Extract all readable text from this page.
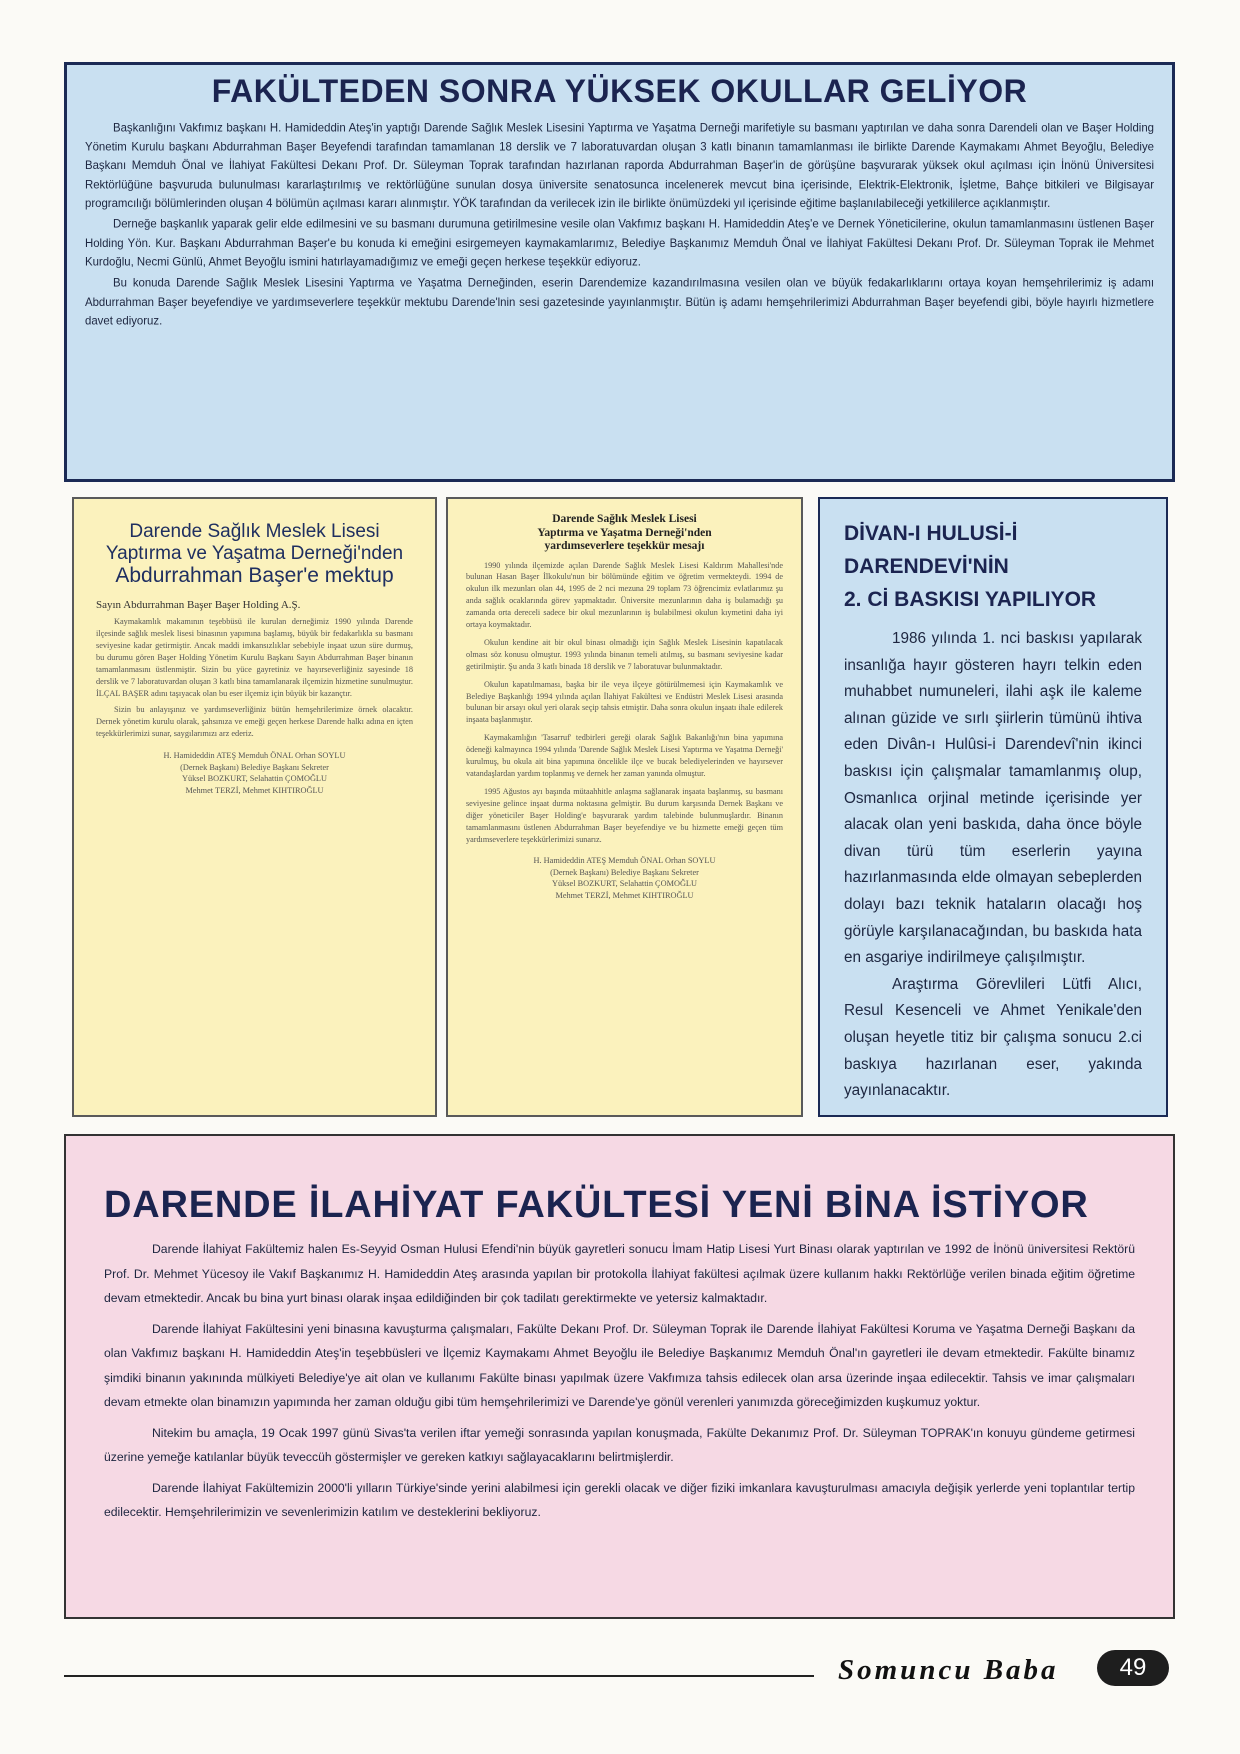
FAKÜLTEDEN SONRA YÜKSEK OKULLAR GELİYOR

Başkanlığını Vakfımız başkanı H. Hamideddin Ateş'in yaptığı Darende Sağlık Meslek Lisesini Yaptırma ve Yaşatma Derneği marifetiyle su basmanı yaptırılan ve daha sonra Darendeli olan ve Başer Holding Yönetim Kurulu başkanı Abdurrahman Başer Beyefendi tarafından tamamlanan 18 derslik ve 7 laboratuvardan oluşan 3 katlı binanın tamamlanması ile birlikte Darende Kaymakamı Ahmet Beyoğlu, Belediye Başkanı Memduh Önal ve İlahiyat Fakültesi Dekanı Prof. Dr. Süleyman Toprak tarafından hazırlanan raporda Abdurrahman Başer'in de görüşüne başvurarak yüksek okul açılması için İnönü Üniversitesi Rektörlüğüne başvuruda bulunulması kararlaştırılmış ve rektörlüğüne sunulan dosya üniversite senatosunca incelenerek mevcut bina içerisinde, Elektrik-Elektronik, İşletme, Bahçe bitkileri ve Bilgisayar programcılığı bölümlerinden oluşan 4 bölümün açılması kararı alınmıştır. YÖK tarafından da verilecek izin ile birlikte önümüzdeki yıl içerisinde eğitime başlanılabileceği yetkililerce açıklanmıştır.

Derneğe başkanlık yaparak gelir elde edilmesini ve su basmanı durumuna getirilmesine vesile olan Vakfımız başkanı H. Hamideddin Ateş'e ve Dernek Yöneticilerine, okulun tamamlanmasını üstlenen Başer Holding Yön. Kur. Başkanı Abdurrahman Başer'e bu konuda ki emeğini esirgemeyen kaymakamlarımız, Belediye Başkanımız Memduh Önal ve İlahiyat Fakültesi Dekanı Prof. Dr. Süleyman Toprak ile Mehmet Kurdoğlu, Necmi Günlü, Ahmet Beyoğlu ismini hatırlayamadığımız ve emeği geçen herkese teşekkür ediyoruz.

Bu konuda Darende Sağlık Meslek Lisesini Yaptırma ve Yaşatma Derneğinden, eserin Darendemize kazandırılmasına vesilen olan ve büyük fedakarlıklarını ortaya koyan hemşehrilerimiz iş adamı Abdurrahman Başer beyefendiye ve yardımseverlere teşekkür mektubu Darende'lnin sesi gazetesinde yayınlanmıştır. Bütün iş adamı hemşehrilerimizi Abdurrahman Başer beyefendi gibi, böyle hayırlı hizmetlere davet ediyoruz.

Darende Sağlık Meslek Lisesi
Yaptırma ve Yaşatma Derneği'nden
Abdurrahman Başer'e mektup
Sayın Abdurrahman Başer Başer Holding A.Ş.

Kaymakamlık makamının teşebbüsü ile kurulan derneğimiz 1990 yılında Darende ilçesinde sağlık meslek lisesi binasının yapımına başlamış, büyük bir fedakarlıkla su basmanı seviyesine kadar getirmiştir. Ancak maddi imkansızlıklar sebebiyle inşaat uzun süre durmuş, bu durumu gören Başer Holding Yönetim Kurulu Başkanı Sayın Abdurrahman Başer binanın tamamlanmasını üstlenmiştir. Sizin bu yüce gayretiniz ve hayırseverliğiniz sayesinde 18 derslik ve 7 laboratuvardan oluşan 3 katlı bina tamamlanarak ilçemizin hizmetine sunulmuştur. İLÇAL BAŞER adını taşıyacak olan bu eser ilçemiz için büyük bir kazançtır.

Sizin bu anlayışınız ve yardımseverliğiniz bütün hemşehrilerimize örnek olacaktır. Dernek yönetim kurulu olarak, şahsınıza ve emeği geçen herkese Darende halkı adına en içten teşekkürlerimizi sunar, saygılarımızı arz ederiz.

H. Hamideddin ATEŞ Memduh ÖNAL Orhan SOYLU
(Dernek Başkanı) Belediye Başkanı Sekreter
Yüksel BOZKURT, Selahattin ÇOMOĞLU
Mehmet TERZİ, Mehmet KIHTIROĞLU
Darende Sağlık Meslek Lisesi
Yaptırma ve Yaşatma Derneği'nden
yardımseverlere teşekkür mesajı

1990 yılında ilçemizde açılan Darende Sağlık Meslek Lisesi Kaldırım Mahallesi'nde bulunan Hasan Başer İlkokulu'nun bir bölümünde eğitim ve öğretim vermekteydi. 1994 de okulun ilk mezunları olan 44, 1995 de 2 nci mezuna 29 toplam 73 öğrencimiz evlatlarımız şu anda sağlık ocaklarında görev yapmaktadır. Üniversite mezunlarının daha iş bulamadığı şu zamanda orta dereceli sadece bir okul mezunlarının iş bulabilmesi okulun kıymetini daha iyi ortaya koymaktadır.

Okulun kendine ait bir okul binası olmadığı için Sağlık Meslek Lisesinin kapatılacak olması söz konusu olmuştur. 1993 yılında binanın temeli atılmış, su basmanı seviyesine kadar getirilmiştir. Şu anda 3 katlı binada 18 derslik ve 7 laboratuvar bulunmaktadır.

Okulun kapatılmaması, başka bir ile veya ilçeye götürülmemesi için Kaymakamlık ve Belediye Başkanlığı 1994 yılında açılan İlahiyat Fakültesi ve Endüstri Meslek Lisesi arasında bulunan bir arsayı okul yeri olarak seçip tahsis etmiştir. Daha sonra okulun inşaatı ihale edilerek inşaata başlanmıştır.

Kaymakamlığın 'Tasarruf' tedbirleri gereği olarak Sağlık Bakanlığı'nın bina yapımına ödeneği kalmayınca 1994 yılında 'Darende Sağlık Meslek Lisesi Yaptırma ve Yaşatma Derneği' kurulmuş, bu okula ait bina yapımına öncelikle ilçe ve bucak belediyelerinden ve hayırsever vatandaşlardan yardım toplanmış ve dernek her zaman yanında olmuştur.

1995 Ağustos ayı başında mütaahhitle anlaşma sağlanarak inşaata başlanmış, su basmanı seviyesine gelince inşaat durma noktasına gelmiştir. Bu durum karşısında Dernek Başkanı ve diğer yöneticiler Başer Holding'e başvurarak yardım talebinde bulunmuşlardır. Binanın tamamlanmasını üstlenen Abdurrahman Başer beyefendiye ve bu hizmette emeği geçen tüm yardımseverlere teşekkürlerimizi sunarız.

H. Hamideddin ATEŞ Memduh ÖNAL Orhan SOYLU
(Dernek Başkanı) Belediye Başkanı Sekreter
Yüksel BOZKURT, Selahattin ÇOMOĞLU
Mehmet TERZİ, Mehmet KIHTIROĞLU
DİVAN-I HULUSİ-İ
DARENDEVİ'NİN
2. Cİ BASKISI YAPILIYOR

1986 yılında 1. nci baskısı yapılarak insanlığa hayır gösteren hayrı telkin eden muhabbet numuneleri, ilahi aşk ile kaleme alınan güzide ve sırlı şiirlerin tümünü ihtiva eden Divân-ı Hulûsi-i Darendevî'nin ikinci baskısı için çalışmalar tamamlanmış olup, Osmanlıca orjinal metinde içerisinde yer alacak olan yeni baskıda, daha önce böyle divan türü tüm eserlerin yayına hazırlanmasında elde olmayan sebeplerden dolayı bazı teknik hataların olacağı hoş görüyle karşılanacağından, bu baskıda hata en asgariye indirilmeye çalışılmıştır.

Araştırma Görevlileri Lütfi Alıcı, Resul Kesenceli ve Ahmet Yenikale'den oluşan heyetle titiz bir çalışma sonucu 2.ci baskıya hazırlanan eser, yakında yayınlanacaktır.

DARENDE İLAHİYAT FAKÜLTESİ YENİ BİNA İSTİYOR

Darende İlahiyat Fakültemiz halen Es-Seyyid Osman Hulusi Efendi'nin büyük gayretleri sonucu İmam Hatip Lisesi Yurt Binası olarak yaptırılan ve 1992 de İnönü üniversitesi Rektörü Prof. Dr. Mehmet Yücesoy ile Vakıf Başkanımız H. Hamideddin Ateş arasında yapılan bir protokolla İlahiyat fakültesi açılmak üzere kullanım hakkı Rektörlüğe verilen binada eğitim öğretime devam etmektedir. Ancak bu bina yurt binası olarak inşaa edildiğinden bir çok tadilatı gerektirmekte ve yetersiz kalmaktadır.

Darende İlahiyat Fakültesini yeni binasına kavuşturma çalışmaları, Fakülte Dekanı Prof. Dr. Süleyman Toprak ile Darende İlahiyat Fakültesi Koruma ve Yaşatma Derneği Başkanı da olan Vakfımız başkanı H. Hamideddin Ateş'in teşebbüsleri ve İlçemiz Kaymakamı Ahmet Beyoğlu ile Belediye Başkanımız Memduh Önal'ın gayretleri ile devam etmektedir. Fakülte binamız şimdiki binanın yakınında mülkiyeti Belediye'ye ait olan ve kullanımı Fakülte binası yapılmak üzere Vakfımıza tahsis edilecek olan arsa üzerinde inşaa edilecektir. Tahsis ve imar çalışmaları devam etmekte olan binamızın yapımında her zaman olduğu gibi tüm hemşehrilerimizi ve Darende'ye gönül verenleri yanımızda göreceğimizden kuşkumuz yoktur.

Nitekim bu amaçla, 19 Ocak 1997 günü Sivas'ta verilen iftar yemeği sonrasında yapılan konuşmada, Fakülte Dekanımız Prof. Dr. Süleyman TOPRAK'ın konuyu gündeme getirmesi üzerine yemeğe katılanlar büyük teveccüh göstermişler ve gereken katkıyı sağlayacaklarını belirtmişlerdir.

Darende İlahiyat Fakültemizin 2000'li yılların Türkiye'sinde yerini alabilmesi için gerekli olacak ve diğer fiziki imkanlara kavuşturulması amacıyla değişik yerlerde yeni toplantılar tertip edilecektir. Hemşehrilerimizin ve sevenlerimizin katılım ve desteklerini bekliyoruz.

Somuncu Baba	49
